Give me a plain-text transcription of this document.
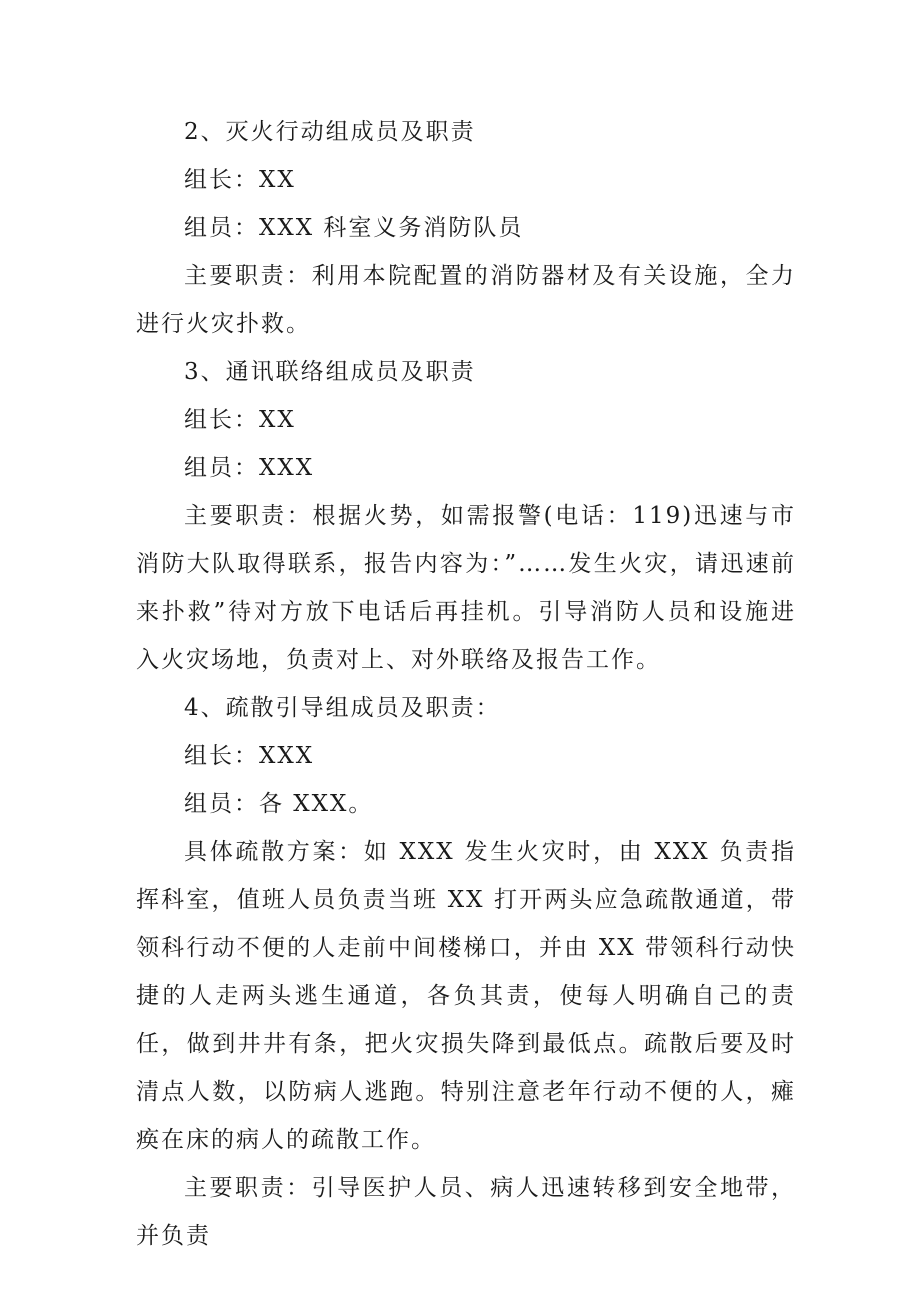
2、灭火行动组成员及职责

组长：XX

组员：XXX 科室义务消防队员

主要职责：利用本院配置的消防器材及有关设施，全力进行火灾扑救。

3、通讯联络组成员及职责

组长：XX

组员：XXX

主要职责：根据火势，如需报警(电话：119)迅速与市消防大队取得联系，报告内容为：”……发生火灾，请迅速前来扑救”待对方放下电话后再挂机。引导消防人员和设施进入火灾场地，负责对上、对外联络及报告工作。

4、疏散引导组成员及职责：

组长：XXX

组员：各 XXX。

具体疏散方案：如 XXX 发生火灾时，由 XXX 负责指挥科室，值班人员负责当班 XX 打开两头应急疏散通道，带领科行动不便的人走前中间楼梯口，并由 XX 带领科行动快捷的人走两头逃生通道，各负其责，使每人明确自己的责任，做到井井有条，把火灾损失降到最低点。疏散后要及时清点人数，以防病人逃跑。特别注意老年行动不便的人，瘫痪在床的病人的疏散工作。

主要职责：引导医护人员、病人迅速转移到安全地带，并负责
